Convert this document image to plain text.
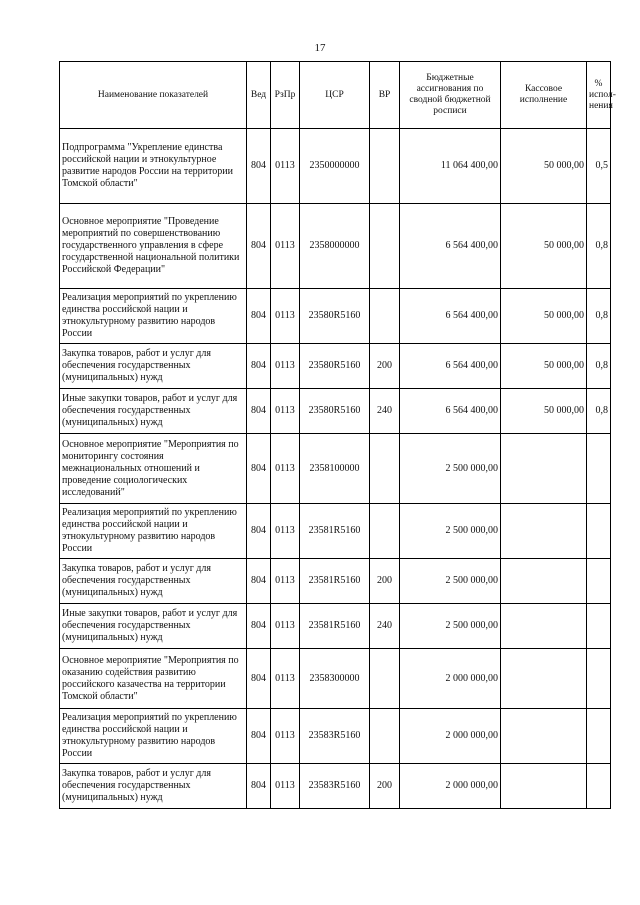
17
Наименование показателей	Вед	РзПр	ЦСР	ВР	Бюджетные ассигнования по сводной бюджетной росписи	Кассовое исполнение	% испол-нения
Подпрограмма "Укрепление единства российской нации и этнокультурное развитие народов России на территории Томской области"	804	0113	2350000000		11 064 400,00	50 000,00	0,5
Основное мероприятие "Проведение мероприятий по совершенствованию государственного управления в сфере государственной национальной политики Российской Федерации"	804	0113	2358000000		6 564 400,00	50 000,00	0,8
Реализация мероприятий по укреплению единства российской нации и этнокультурному развитию народов России	804	0113	23580R5160		6 564 400,00	50 000,00	0,8
Закупка товаров, работ и услуг для обеспечения государственных (муниципальных) нужд	804	0113	23580R5160	200	6 564 400,00	50 000,00	0,8
Иные закупки товаров, работ и услуг для обеспечения государственных (муниципальных) нужд	804	0113	23580R5160	240	6 564 400,00	50 000,00	0,8
Основное мероприятие "Мероприятия по мониторингу состояния межнациональных отношений и проведение социологических исследований"	804	0113	2358100000		2 500 000,00		
Реализация мероприятий по укреплению единства российской нации и этнокультурному развитию народов России	804	0113	23581R5160		2 500 000,00		
Закупка товаров, работ и услуг для обеспечения государственных (муниципальных) нужд	804	0113	23581R5160	200	2 500 000,00		
Иные закупки товаров, работ и услуг для обеспечения государственных (муниципальных) нужд	804	0113	23581R5160	240	2 500 000,00		
Основное мероприятие "Мероприятия по оказанию содействия развитию российского казачества на территории Томской области"	804	0113	2358300000		2 000 000,00		
Реализация мероприятий по укреплению единства российской нации и этнокультурному развитию народов России	804	0113	23583R5160		2 000 000,00		
Закупка товаров, работ и услуг для обеспечения государственных (муниципальных) нужд	804	0113	23583R5160	200	2 000 000,00		
